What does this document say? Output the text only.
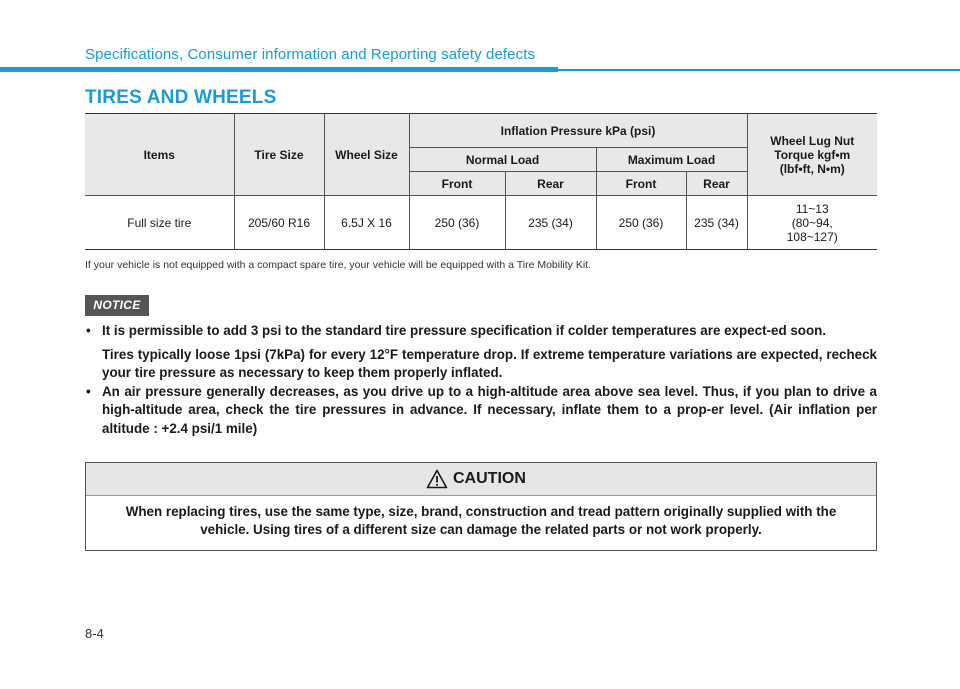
Specifications, Consumer information and Reporting safety defects
TIRES AND WHEELS
Items	Tire Size	Wheel Size	Inflation Pressure kPa (psi)				Wheel Lug Nut
Torque kgf•m
(lbf•ft, N•m)

			Normal Load		Maximum Load		
			Front	Rear	Front	Rear	
Full size tire	205/60 R16	6.5J X 16	250 (36)	235 (34)	250 (36)	235 (34)	11~13
(80~94,
108~127)
If your vehicle is not equipped with a compact spare tire, your vehicle will be equipped with a Tire Mobility Kit.
NOTICE
• It is permissible to add 3 psi to the standard tire pressure specification if colder temperatures are expect-ed soon.

Tires typically loose 1psi (7kPa) for every 12°F temperature drop. If extreme temperature variations are expected, recheck your tire pressure as necessary to keep them properly inflated.

• An air pressure generally decreases, as you drive up to a high-altitude area above sea level. Thus, if you plan to drive a high-altitude area, check the tire pressures in advance. If necessary, inflate them to a prop-er level. (Air inflation per altitude : +2.4 psi/1 mile)

CAUTION
When replacing tires, use the same type, size, brand, construction and tread pattern originally supplied with the vehicle. Using tires of a different size can damage the related parts or not work properly.
8-4
